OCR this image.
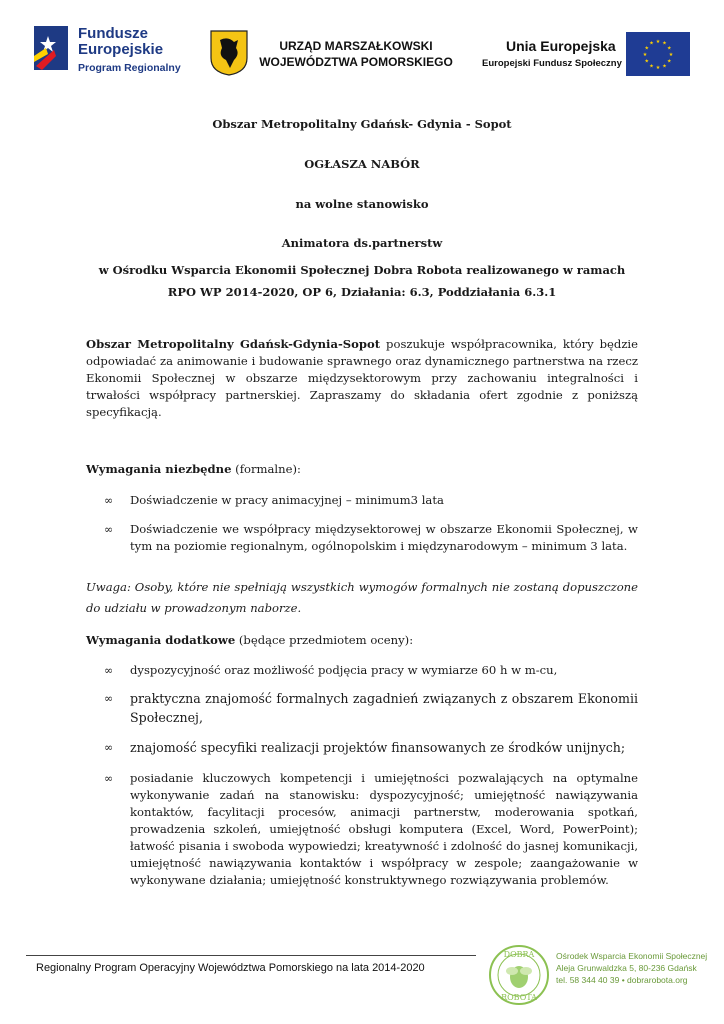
Fundusze
Europejskie
Program Regionalny
URZĄD MARSZAŁKOWSKI
WOJEWÓDZTWA POMORSKIEGO
Unia Europejska
Europejski Fundusz Społeczny
★ ★
★
★
★
★
★
★
★
★
★
★
Obszar Metropolitalny Gdańsk- Gdynia - Sopot
OGŁASZA NABÓR
na wolne stanowisko
Animatora ds.partnerstw
w Ośrodku Wsparcia Ekonomii Społecznej Dobra Robota realizowanego w ramach
RPO WP 2014-2020, OP 6, Działania: 6.3, Poddziałania 6.3.1
Obszar Metropolitalny Gdańsk-Gdynia-Sopot poszukuje współpracownika, który będzie odpowiadać za animowanie i budowanie sprawnego oraz dynamicznego partnerstwa na rzecz Ekonomii Społecznej w obszarze międzysektorowym przy zachowaniu integralności i trwałości współpracy partnerskiej. Zapraszamy do składania ofert zgodnie z poniższą specyfikacją.
Wymagania niezbędne (formalne):
∞ Doświadczenie w pracy animacyjnej – minimum3 lata
∞ Doświadczenie we współpracy międzysektorowej w obszarze Ekonomii Społecznej, w tym na poziomie regionalnym, ogólnopolskim i międzynarodowym – minimum 3 lata.
Uwaga: Osoby, które nie spełniają wszystkich wymogów formalnych nie zostaną dopuszczone do udziału w prowadzonym naborze.
Wymagania dodatkowe (będące przedmiotem oceny):
∞ dyspozycyjność oraz możliwość podjęcia pracy w wymiarze 60 h w m-cu,
∞ praktyczna znajomość formalnych zagadnień związanych z obszarem Ekonomii Społecznej,
∞ znajomość specyfiki realizacji projektów finansowanych ze środków unijnych;
∞ posiadanie kluczowych kompetencji i umiejętności pozwalających na optymalne wykonywanie zadań na stanowisku: dyspozycyjność; umiejętność nawiązywania kontaktów, facylitacji procesów, animacji partnerstw, moderowania spotkań, prowadzenia szkoleń, umiejętność obsługi komputera (Excel, Word, PowerPoint); łatwość pisania i swoboda wypowiedzi; kreatywność i zdolność do jasnej komunikacji, umiejętność nawiązywania kontaktów i współpracy w zespole; zaangażowanie w wykonywane działania; umiejętność konstruktywnego rozwiązywania problemów.
Regionalny Program Operacyjny Województwa Pomorskiego na lata 2014-2020
DOBRA
ROBOTA
Ośrodek Wsparcia Ekonomii Społecznej
Aleja Grunwaldzka 5, 80-236 Gdańsk
tel. 58 344 40 39 • dobrarobota.org
